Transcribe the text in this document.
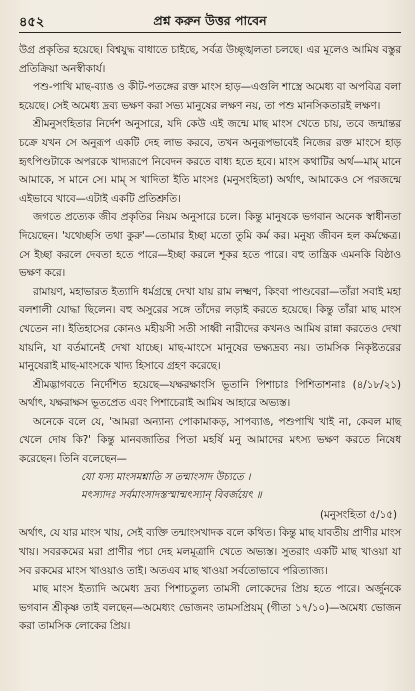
৪৫২	প্রশ্ন করুন উত্তর পাবেন

উগ্র প্রকৃতির হয়েছে। বিশ্বযুদ্ধ বাধাতে চাইছে, সর্বত্র উচ্ছৃঙ্খলতা চলছে। এর মূলেও আমিষ বস্তুর প্রতিক্রিয়া অনস্বীকার্য।

পশু-পাখি মাছ-ব্যাঙ ও কীট-পতঙ্গের রক্ত মাংস হাড়—এগুলি শাস্ত্রে অমেধ্য বা অপবিত্র বলা হয়েছে। সেই অমেধ্য দ্রব্য ভক্ষণ করা সভ্য মানুষের লক্ষণ নয়, তা পশু মানসিকতারই লক্ষণ।

শ্রীমনুসংহিতার নির্দেশ অনুসারে, যদি কেউ এই জন্মে মাছ মাংস খেতে চায়, তবে জন্মান্তর চক্রে যখন সে অনুরূপ একটি দেহ লাভ করবে, তখন অনুরূপভাবেই নিজের রক্ত মাংসে হাড় হৃৎপিণ্ডটাকে অপরকে খাদ্যরূপে নিবেদন করতে বাধ্য হতে হবে। মাংস কথাটির অর্থ—মাম্ মানে আমাকে, স মানে সে। মাম্ স খাদিতা ইতি মাংসঃ (মনুসংহিতা) অর্থাৎ, আমাকেও সে পরজন্মে এইভাবে খাবে—এটাই একটি প্রতিশ্রুতি।

জগতে প্রত্যেক জীব প্রকৃতির নিয়ম অনুসারে চলে। কিন্তু মানুষকে ভগবান অনেক স্বাধীনতা দিয়েছেন। 'যথেচ্ছসি তথা কুরু'—তোমার ইচ্ছা মতো তুমি কর্ম কর। মনুষ্য জীবন হল কর্মক্ষেত্র। সে ইচ্ছা করলে দেবতা হতে পারে—ইচ্ছা করলে শূকর হতে পারে। বহু তান্ত্রিক এমনকি বিষ্ঠাও ভক্ষণ করে।

রামায়ণ, মহাভারত ইত্যাদি ধর্মগ্রন্থে দেখা যায় রাম লক্ষ্মণ, কিংবা পাণ্ডবেরা—তাঁরা সবাই মহা বলশালী যোদ্ধা ছিলেন। বহু অসুরের সঙ্গে তাঁদের লড়াই করতে হয়েছে। কিন্তু তাঁরা মাছ মাংস খেতেন না। ইতিহাসের কোনও মহীয়সী সতী সাধ্বী নারীদের কখনও আমিষ রান্না করতেও দেখা যায়নি, যা বর্তমানেই দেখা যাচ্ছে। মাছ-মাংসে মানুষের ভক্ষ্যদ্রব্য নয়। তামসিক নিকৃষ্টতরের মানুষেরাই মাছ-মাংসকে খাদ্য হিসাবে গ্রহণ করেছে।

শ্রীমদ্ভাগবতে নির্দেশিত হয়েছে—যক্ষরক্ষাংসি ভূতানি পিশাচাঃ পিশিতাশনাঃ (৪/১৮/২১) অর্থাৎ, যক্ষরাক্ষস ভূতপ্রেত এবং পিশাচেরাই আমিষ আহারে অভ্যস্ত।

অনেকে বলে যে, 'আমরা অন্যান্য পোকামাকড়, সাপব্যাঙ, পশুপাখি খাই না, কেবল মাছ খেলে দোষ কি?' কিন্তু মানবজাতির পিতা মহর্ষি মনু আমাদের মৎস্য ভক্ষণ করতে নিষেধ করেছেন। তিনি বলেছেন—

যো যস্য মাংসমশ্নাতি স তন্মাংসাদ উচ্যতে ।
মৎস্যাদঃ সর্বমাংসাদস্তস্মান্মৎস্যান্ বিবর্জয়েৎ ॥
(মনুসংহিতা ৫/১৫)

অর্থাৎ, যে যার মাংস খায়, সেই ব্যক্তি তন্মাংসখাদক বলে কথিত। কিন্তু মাছ যাবতীয় প্রাণীর মাংস খায়। সবরকমের মরা প্রাণীর পচা দেহ মলমূত্রাদি খেতে অভ্যস্ত। সুতরাং একটি মাছ খাওয়া যা সব রকমের মাংস খাওয়াও তাই। অতএব মাছ খাওয়া সর্বতোভাবে পরিত্যাজ্য।

মাছ মাংস ইত্যাদি অমেধ্য দ্রব্য পিশাচতুল্য তামসী লোকেদের প্রিয় হতে পারে। অর্জুনকে ভগবান শ্রীকৃষ্ণ তাই বলছেন—অমেধ্যং ভোজনং তামসপ্রিয়ম্ (গীতা ১৭/১০)—অমেধ্য ভোজন করা তামসিক লোকের প্রিয়।
